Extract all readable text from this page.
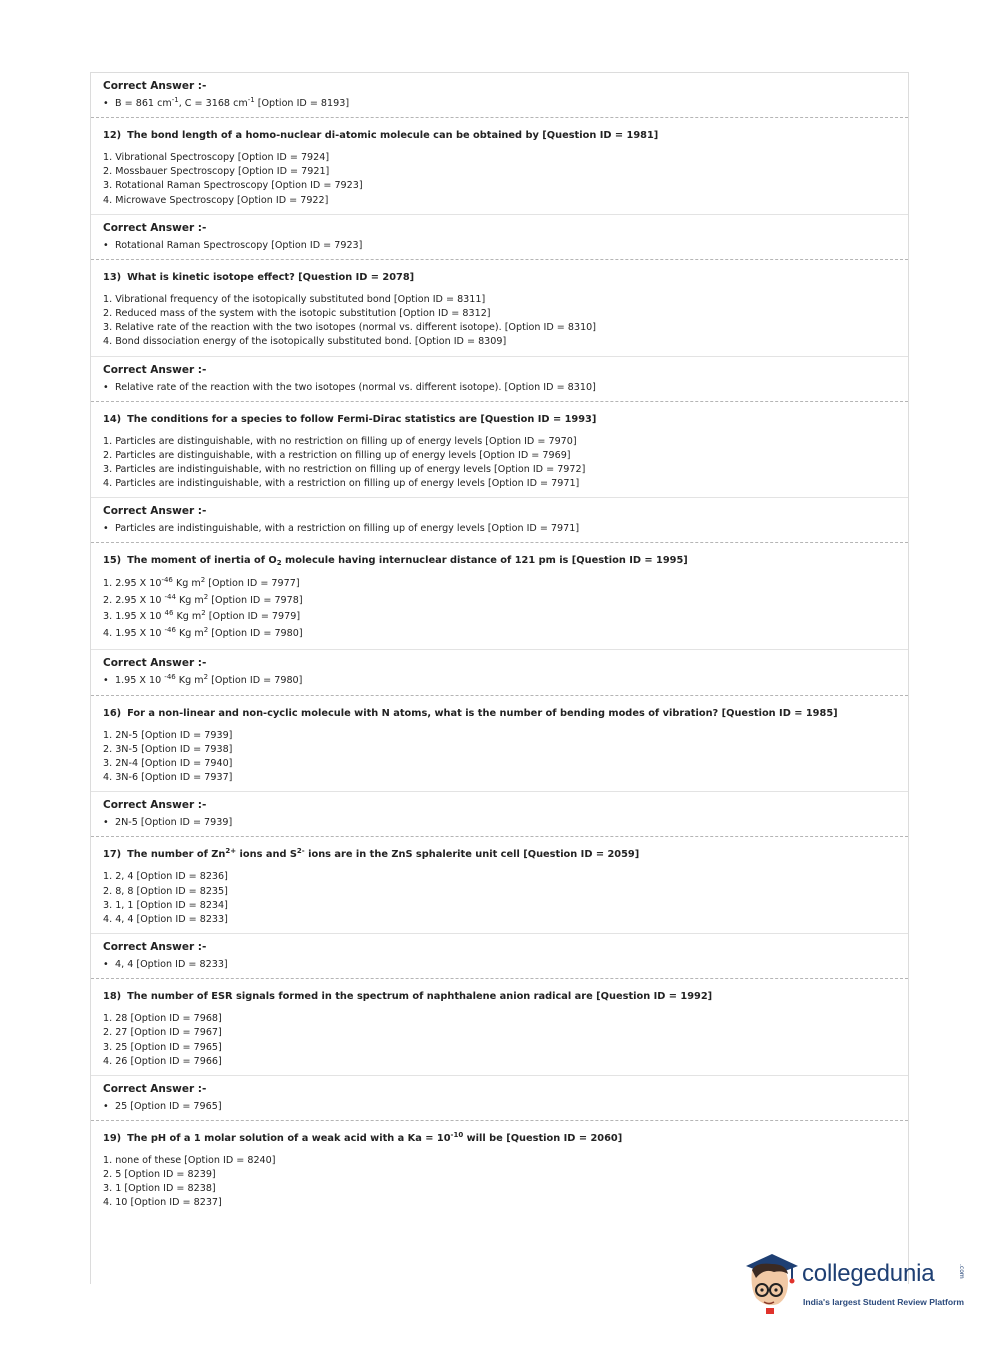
Correct Answer :-
• B = 861 $cm^{-1}$, C = 3168 $cm^{-1}$ [Option ID = 8193]
12) The bond length of a homo-nuclear di-atomic molecule can be obtained by [Question ID = 1981]
1. Vibrational Spectroscopy [Option ID = 7924]
2. Mossbauer Spectroscopy [Option ID = 7921]
3. Rotational Raman Spectroscopy [Option ID = 7923]
4. Microwave Spectroscopy [Option ID = 7922]
Correct Answer :-
• Rotational Raman Spectroscopy [Option ID = 7923]
13) What is kinetic isotope effect? [Question ID = 2078]
1. Vibrational frequency of the isotopically substituted bond [Option ID = 8311]
2. Reduced mass of the system with the isotopic substitution [Option ID = 8312]
3. Relative rate of the reaction with the two isotopes (normal vs. different isotope). [Option ID = 8310]
4. Bond dissociation energy of the isotopically substituted bond. [Option ID = 8309]
Correct Answer :-
• Relative rate of the reaction with the two isotopes (normal vs. different isotope). [Option ID = 8310]
14) The conditions for a species to follow Fermi-Dirac statistics are [Question ID = 1993]
1. Particles are distinguishable, with no restriction on filling up of energy levels [Option ID = 7970]
2. Particles are distinguishable, with a restriction on filling up of energy levels [Option ID = 7969]
3. Particles are indistinguishable, with no restriction on filling up of energy levels [Option ID = 7972]
4. Particles are indistinguishable, with a restriction on filling up of energy levels [Option ID = 7971]
Correct Answer :-
• Particles are indistinguishable, with a restriction on filling up of energy levels [Option ID = 7971]
15) The moment of inertia of $O_2$ molecule having internuclear distance of 121 pm is [Question ID = 1995]
1. 2.95 X $10^{-46}$ Kg $m^2$ [Option ID = 7977]
2. 2.95 X 10 $^{-44}$ Kg $m^2$ [Option ID = 7978]
3. 1.95 X 10 $^{46}$ Kg $m^2$ [Option ID = 7979]
4. 1.95 X 10 $^{-46}$ Kg $m^2$ [Option ID = 7980]
Correct Answer :-
• 1.95 X 10 $^{-46}$ Kg $m^2$ [Option ID = 7980]
16) For a non-linear and non-cyclic molecule with N atoms, what is the number of bending modes of vibration? [Question ID = 1985]
1. 2N-5 [Option ID = 7939]
2. 3N-5 [Option ID = 7938]
3. 2N-4 [Option ID = 7940]
4. 3N-6 [Option ID = 7937]
Correct Answer :-
• 2N-5 [Option ID = 7939]
17) The number of $Zn^{2+}$ ions and $S^{2-}$ ions are in the ZnS sphalerite unit cell [Question ID = 2059]
1. 2, 4 [Option ID = 8236]
2. 8, 8 [Option ID = 8235]
3. 1, 1 [Option ID = 8234]
4. 4, 4 [Option ID = 8233]
Correct Answer :-
• 4, 4 [Option ID = 8233]
18) The number of ESR signals formed in the spectrum of naphthalene anion radical are [Question ID = 1992]
1. 28 [Option ID = 7968]
2. 27 [Option ID = 7967]
3. 25 [Option ID = 7965]
4. 26 [Option ID = 7966]
Correct Answer :-
• 25 [Option ID = 7965]
19) The pH of a 1 molar solution of a weak acid with a $Ka = 10^{-10}$ will be [Question ID = 2060]
1. none of these [Option ID = 8240]
2. 5 [Option ID = 8239]
3. 1 [Option ID = 8238]
4. 10 [Option ID = 8237]
collegedunia	.com
India's largest Student Review Platform
